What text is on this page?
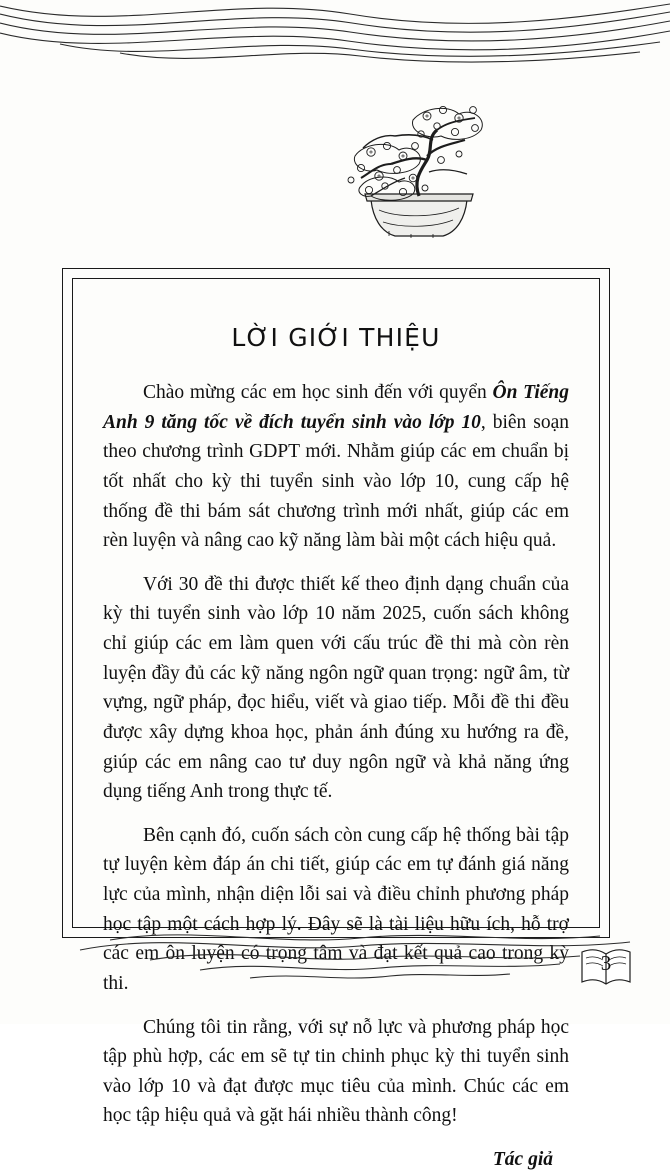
LỜI GIỚI THIỆU

Chào mừng các em học sinh đến với quyển Ôn Tiếng Anh 9 tăng tốc về đích tuyển sinh vào lớp 10, biên soạn theo chương trình GDPT mới. Nhằm giúp các em chuẩn bị tốt nhất cho kỳ thi tuyển sinh vào lớp 10, cung cấp hệ thống đề thi bám sát chương trình mới nhất, giúp các em rèn luyện và nâng cao kỹ năng làm bài một cách hiệu quả.

Với 30 đề thi được thiết kế theo định dạng chuẩn của kỳ thi tuyển sinh vào lớp 10 năm 2025, cuốn sách không chỉ giúp các em làm quen với cấu trúc đề thi mà còn rèn luyện đầy đủ các kỹ năng ngôn ngữ quan trọng: ngữ âm, từ vựng, ngữ pháp, đọc hiểu, viết và giao tiếp. Mỗi đề thi đều được xây dựng khoa học, phản ánh đúng xu hướng ra đề, giúp các em nâng cao tư duy ngôn ngữ và khả năng ứng dụng tiếng Anh trong thực tế.

Bên cạnh đó, cuốn sách còn cung cấp hệ thống bài tập tự luyện kèm đáp án chi tiết, giúp các em tự đánh giá năng lực của mình, nhận diện lỗi sai và điều chỉnh phương pháp học tập một cách hợp lý. Đây sẽ là tài liệu hữu ích, hỗ trợ các em ôn luyện có trọng tâm và đạt kết quả cao trong kỳ thi.

Chúng tôi tin rằng, với sự nỗ lực và phương pháp học tập phù hợp, các em sẽ tự tin chinh phục kỳ thi tuyển sinh vào lớp 10 và đạt được mục tiêu của mình. Chúc các em học tập hiệu quả và gặt hái nhiều thành công!

Tác giả
3
